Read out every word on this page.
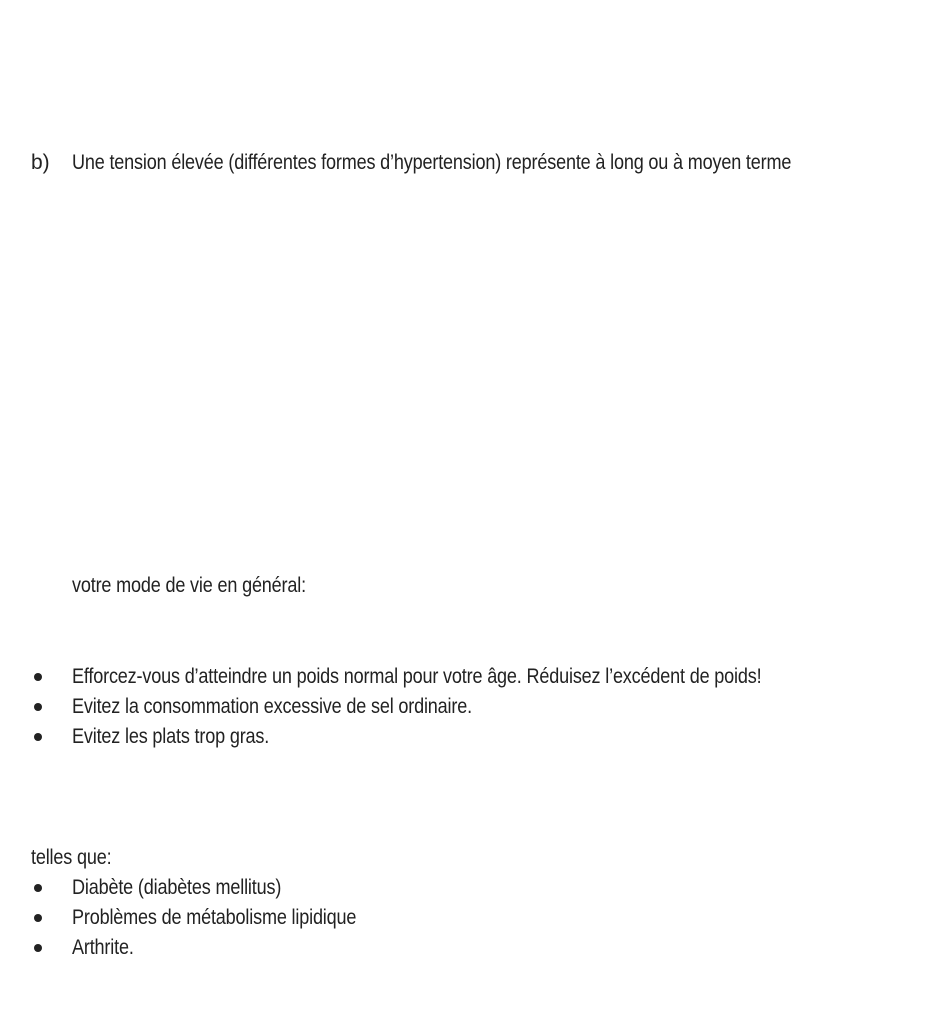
b) Une tension élevée (différentes formes d’hypertension) représente à long ou à moyen terme
votre mode de vie en général:
Efforcez-vous d’atteindre un poids normal pour votre âge. Réduisez l’excédent de poids!
Evitez la consommation excessive de sel ordinaire.
Evitez les plats trop gras.
telles que:
Diabète (diabètes mellitus)
Problèmes de métabolisme lipidique
Arthrite.
